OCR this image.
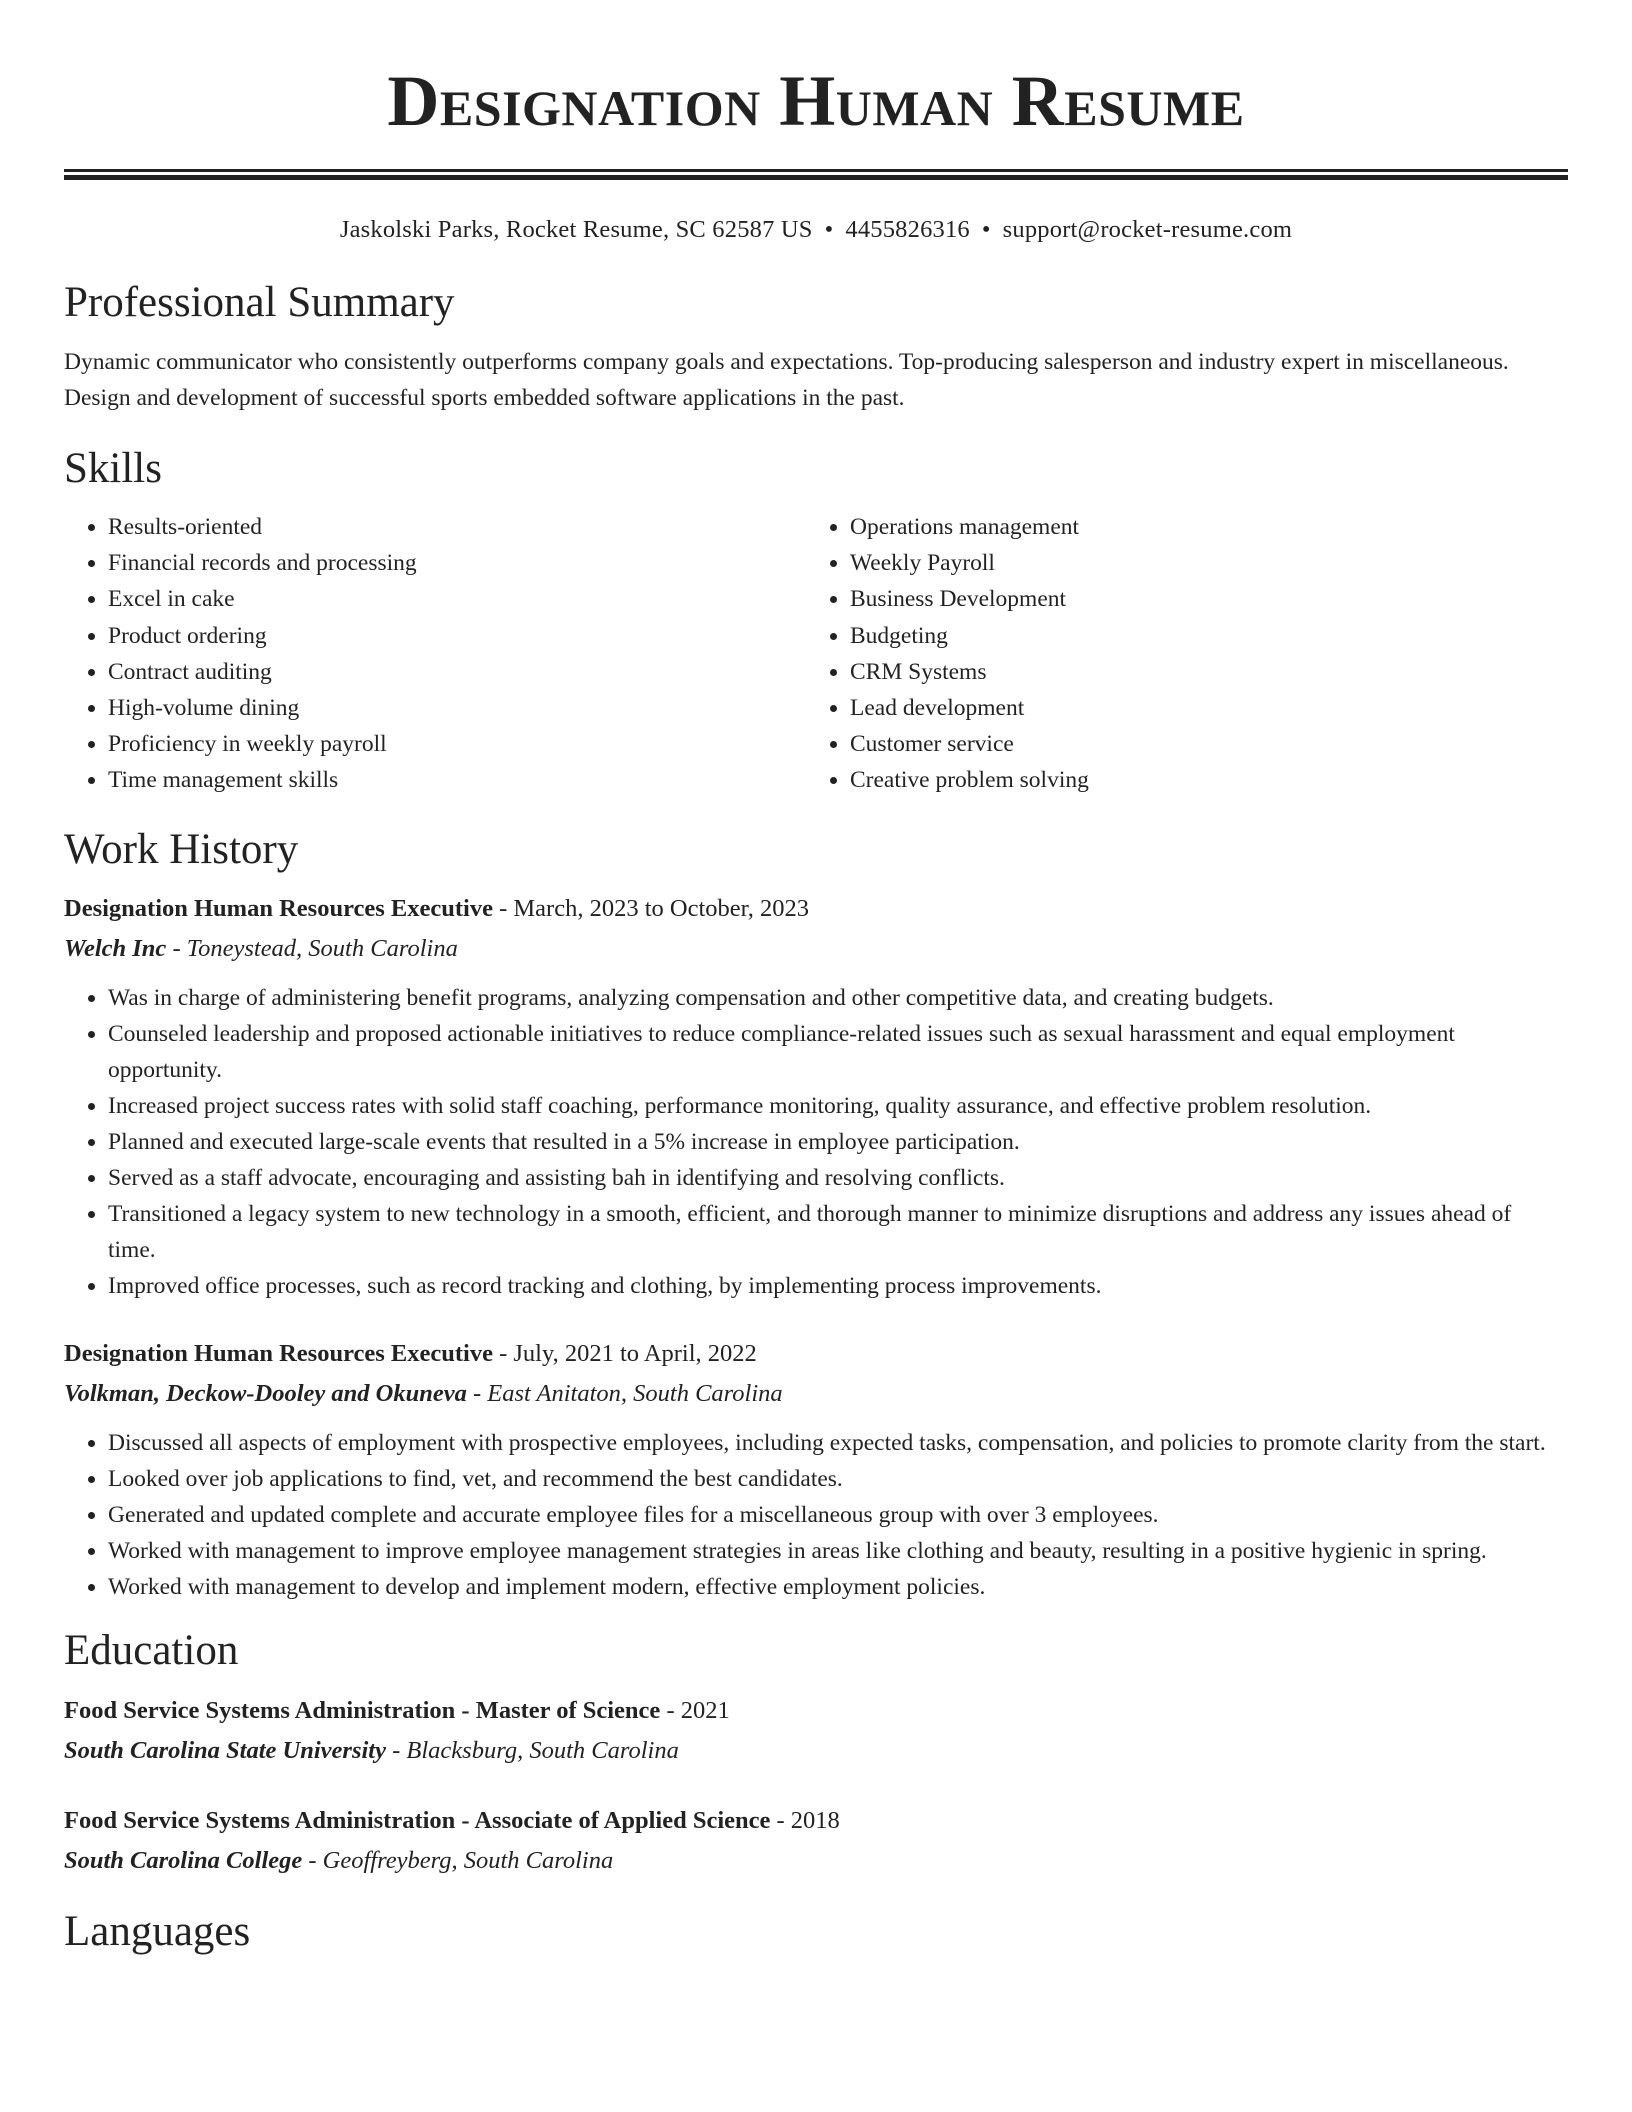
Designation Human Resume
Jaskolski Parks, Rocket Resume, SC 62587 US • 4455826316 • support@rocket-resume.com
Professional Summary

Dynamic communicator who consistently outperforms company goals and expectations. Top-producing salesperson and industry expert in miscellaneous. Design and development of successful sports embedded software applications in the past.

Skills
• Results-oriented
• Financial records and processing
• Excel in cake
• Product ordering
• Contract auditing
• High-volume dining
• Proficiency in weekly payroll
• Time management skills
• Operations management
• Weekly Payroll
• Business Development
• Budgeting
• CRM Systems
• Lead development
• Customer service
• Creative problem solving
Work History
Designation Human Resources Executive - March, 2023 to October, 2023
Welch Inc - Toneystead, South Carolina
• Was in charge of administering benefit programs, analyzing compensation and other competitive data, and creating budgets.
• Counseled leadership and proposed actionable initiatives to reduce compliance-related issues such as sexual harassment and equal employment opportunity.
• Increased project success rates with solid staff coaching, performance monitoring, quality assurance, and effective problem resolution.
• Planned and executed large-scale events that resulted in a 5% increase in employee participation.
• Served as a staff advocate, encouraging and assisting bah in identifying and resolving conflicts.
• Transitioned a legacy system to new technology in a smooth, efficient, and thorough manner to minimize disruptions and address any issues ahead of time.
• Improved office processes, such as record tracking and clothing, by implementing process improvements.
Designation Human Resources Executive - July, 2021 to April, 2022
Volkman, Deckow-Dooley and Okuneva - East Anitaton, South Carolina
• Discussed all aspects of employment with prospective employees, including expected tasks, compensation, and policies to promote clarity from the start.
• Looked over job applications to find, vet, and recommend the best candidates.
• Generated and updated complete and accurate employee files for a miscellaneous group with over 3 employees.
• Worked with management to improve employee management strategies in areas like clothing and beauty, resulting in a positive hygienic in spring.
• Worked with management to develop and implement modern, effective employment policies.
Education
Food Service Systems Administration - Master of Science - 2021
South Carolina State University - Blacksburg, South Carolina
Food Service Systems Administration - Associate of Applied Science - 2018
South Carolina College - Geoffreyberg, South Carolina
Languages
